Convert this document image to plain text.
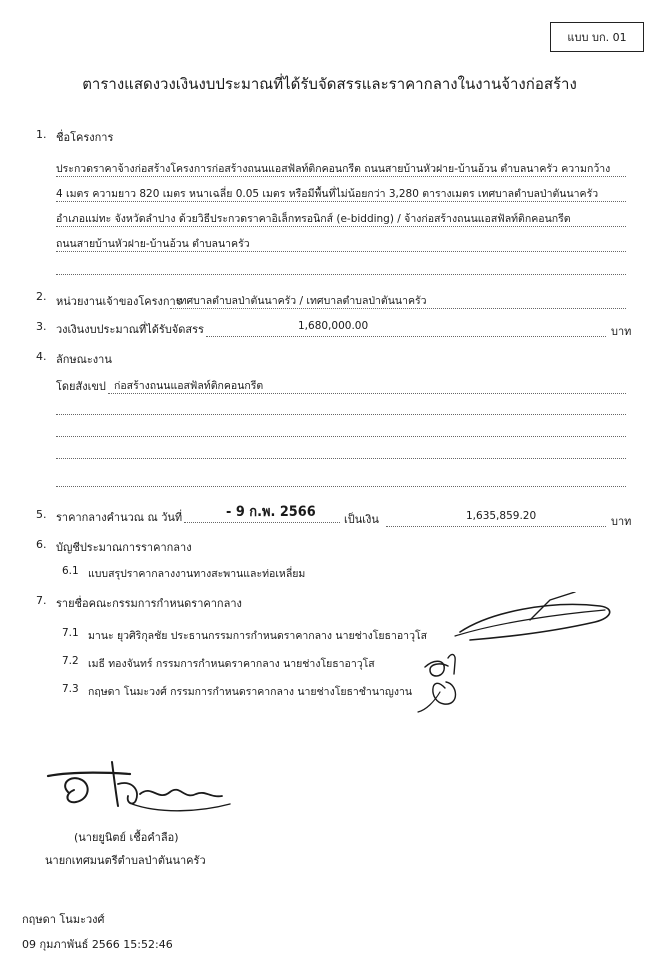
แบบ บก. 01
ตารางแสดงวงเงินงบประมาณที่ได้รับจัดสรรและราคากลางในงานจ้างก่อสร้าง
1. ชื่อโครงการ
ประกวดราคาจ้างก่อสร้างโครงการก่อสร้างถนนแอสฟัลท์ติกคอนกรีต ถนนสายบ้านหัวฝาย-บ้านอ้วน ตำบลนาครัว ความกว้าง
4 เมตร ความยาว 820 เมตร หนาเฉลี่ย 0.05 เมตร หรือมีพื้นที่ไม่น้อยกว่า 3,280 ตารางเมตร เทศบาลตำบลป่าตันนาครัว
อำเภอแม่ทะ จังหวัดลำปาง ด้วยวิธีประกวดราคาอิเล็กทรอนิกส์ (e-bidding) / จ้างก่อสร้างถนนแอสฟัลท์ติกคอนกรีต
ถนนสายบ้านหัวฝาย-บ้านอ้วน ตำบลนาครัว
2. หน่วยงานเจ้าของโครงการ
เทศบาลตำบลป่าตันนาครัว / เทศบาลตำบลป่าตันนาครัว
3. วงเงินงบประมาณที่ได้รับจัดสรร	1,680,000.00	บาท
4. ลักษณะงาน
โดยสังเขป ก่อสร้างถนนแอสฟัลท์ติกคอนกรีต
5. ราคากลางคำนวณ ณ วันที่	- 9 ก.พ. 2566	เป็นเงิน	1,635,859.20	บาท
6. บัญชีประมาณการราคากลาง
6.1 แบบสรุปราคากลางงานทางสะพานและท่อเหลี่ยม
7. รายชื่อคณะกรรมการกำหนดราคากลาง
7.1 มานะ ยุวศิริกุลชัย ประธานกรรมการกำหนดราคากลาง นายช่างโยธาอาวุโส
7.2 เมธี ทองจันทร์ กรรมการกำหนดราคากลาง นายช่างโยธาอาวุโส
7.3 กฤษดา โนมะวงศ์ กรรมการกำหนดราคากลาง นายช่างโยธาชำนาญงาน
(นายยูนิตย์ เชื้อคำลือ)
นายกเทศมนตรีตำบลป่าตันนาครัว
กฤษดา โนมะวงศ์
09 กุมภาพันธ์ 2566 15:52:46
